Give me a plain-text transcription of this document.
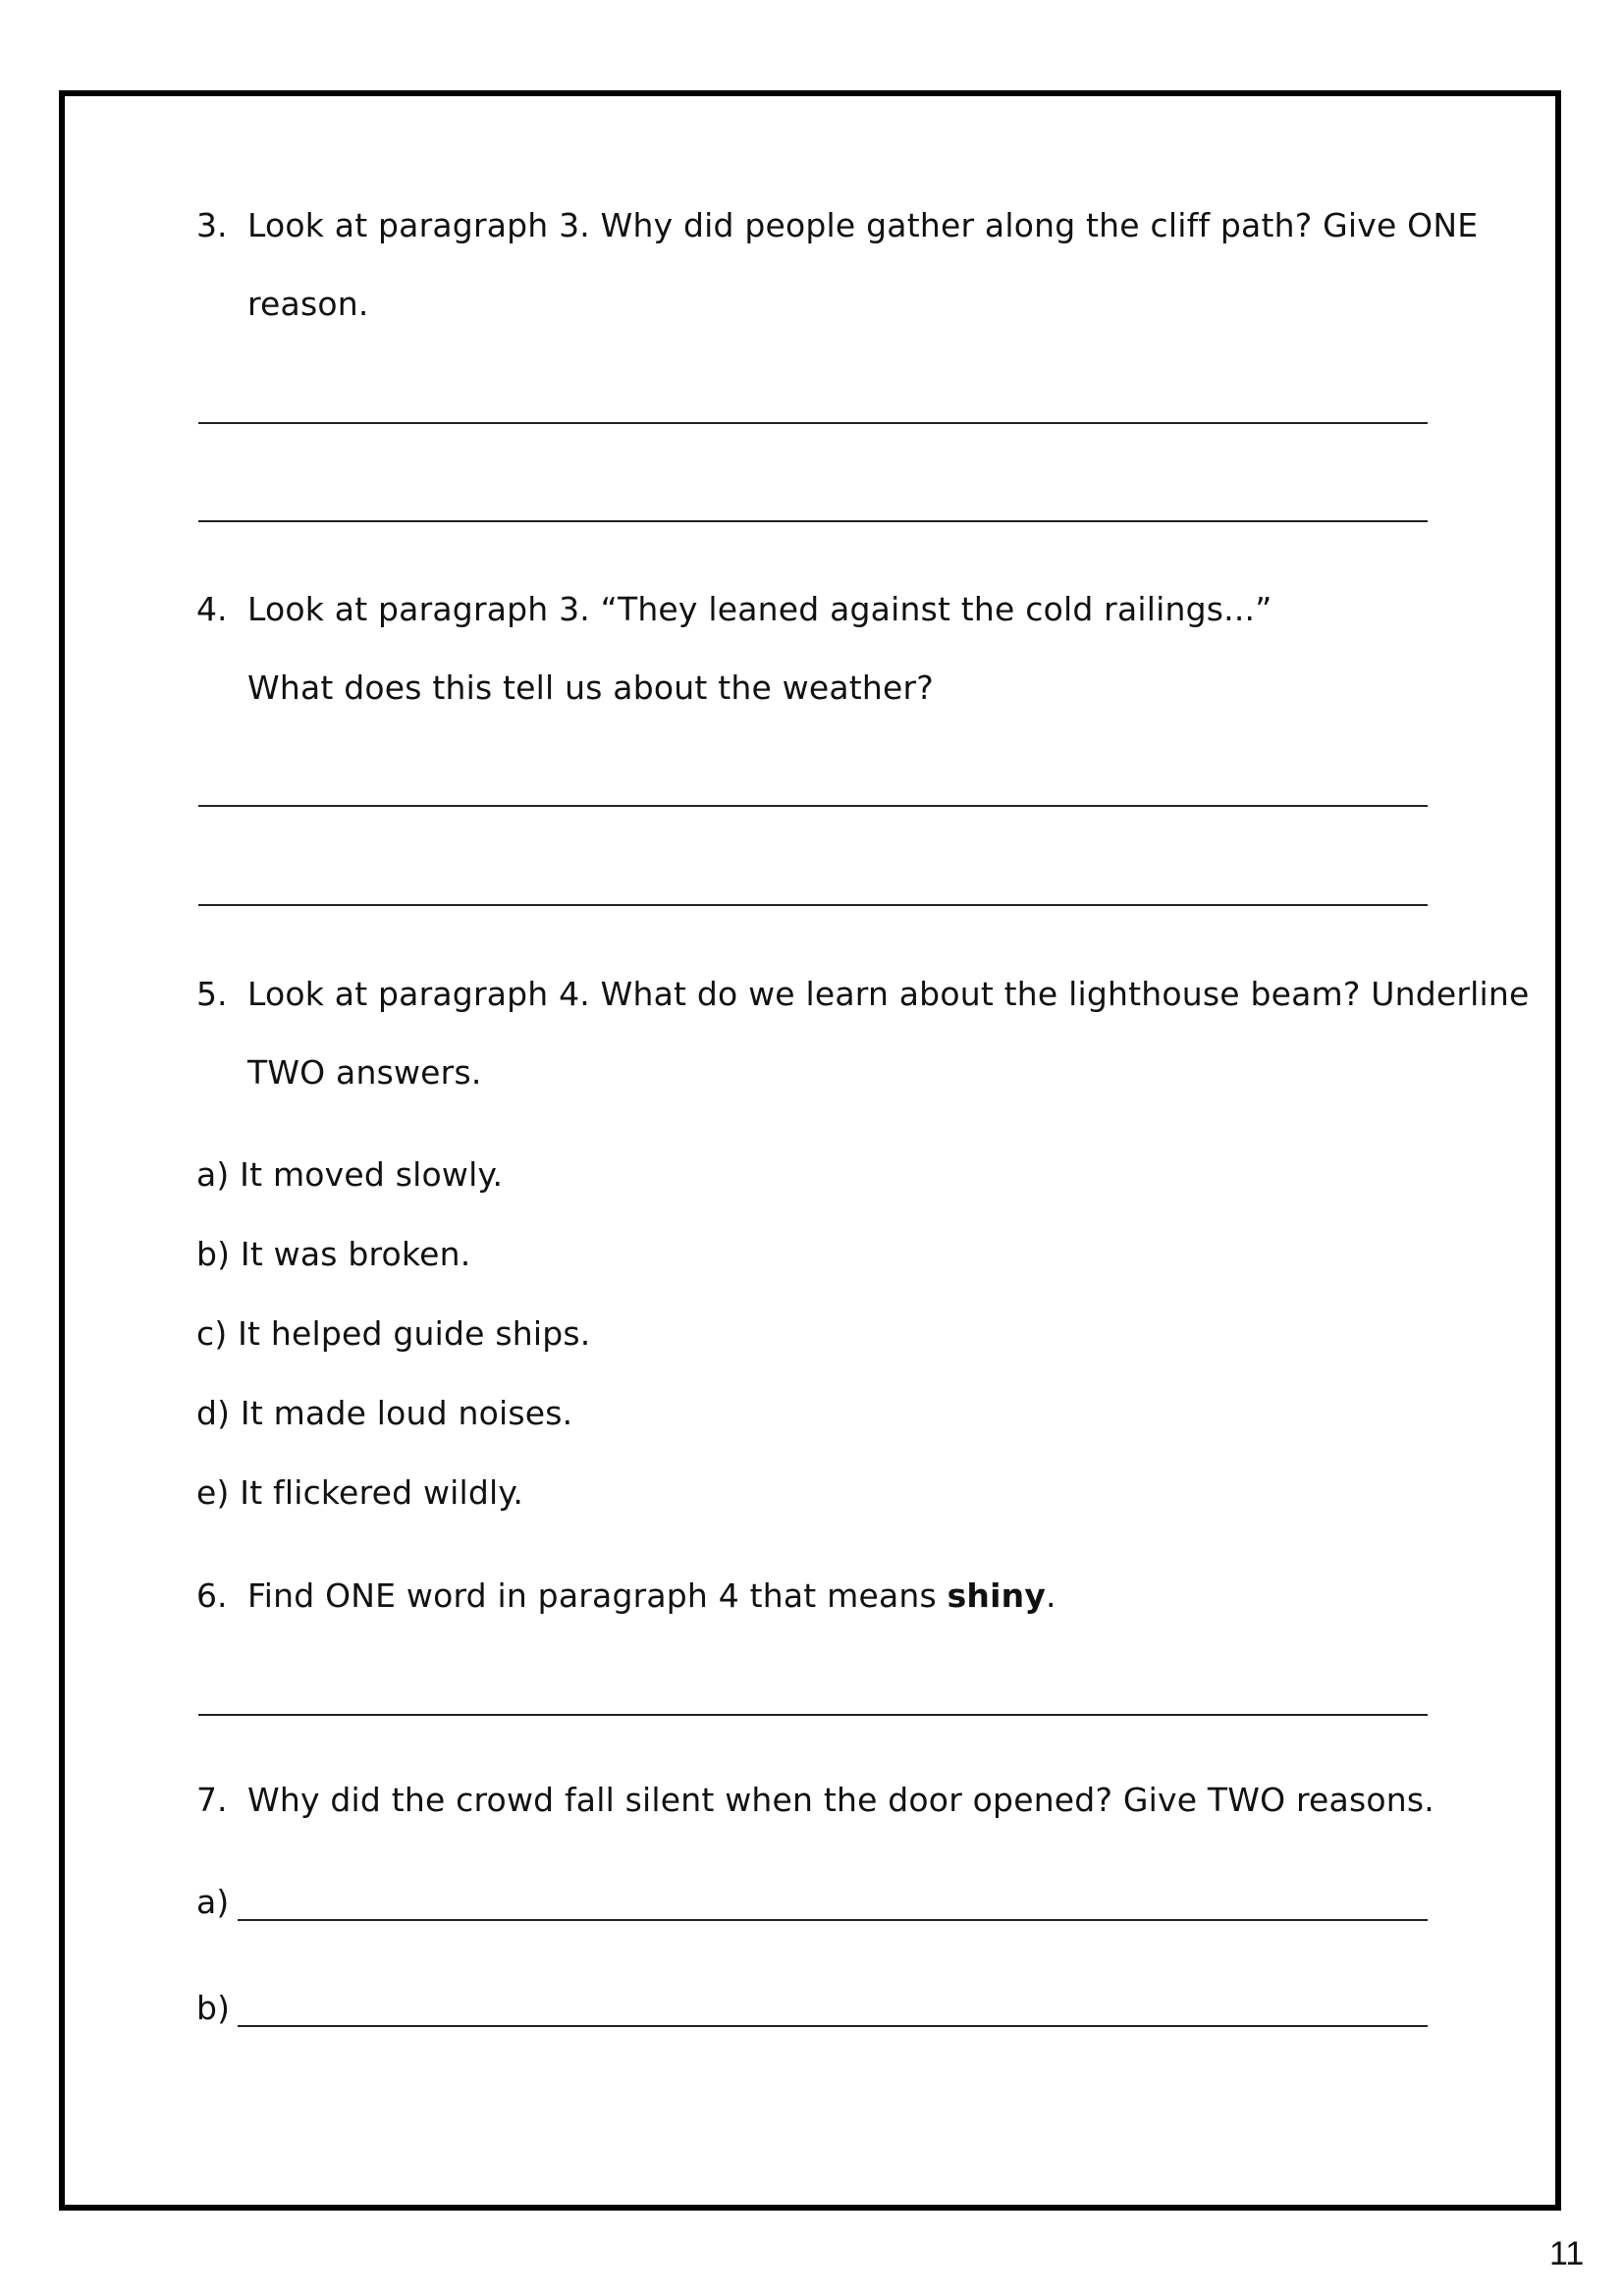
3. Look at paragraph 3. Why did people gather along the cliff path? Give ONE
reason.
4. Look at paragraph 3. “They leaned against the cold railings...”
What does this tell us about the weather?
5. Look at paragraph 4. What do we learn about the lighthouse beam? Underline
TWO answers.
a) It moved slowly.
b) It was broken.
c) It helped guide ships.
d) It made loud noises.
e) It flickered wildly.
6. Find ONE word in paragraph 4 that means shiny.
7. Why did the crowd fall silent when the door opened? Give TWO reasons.
a)
b)
11
